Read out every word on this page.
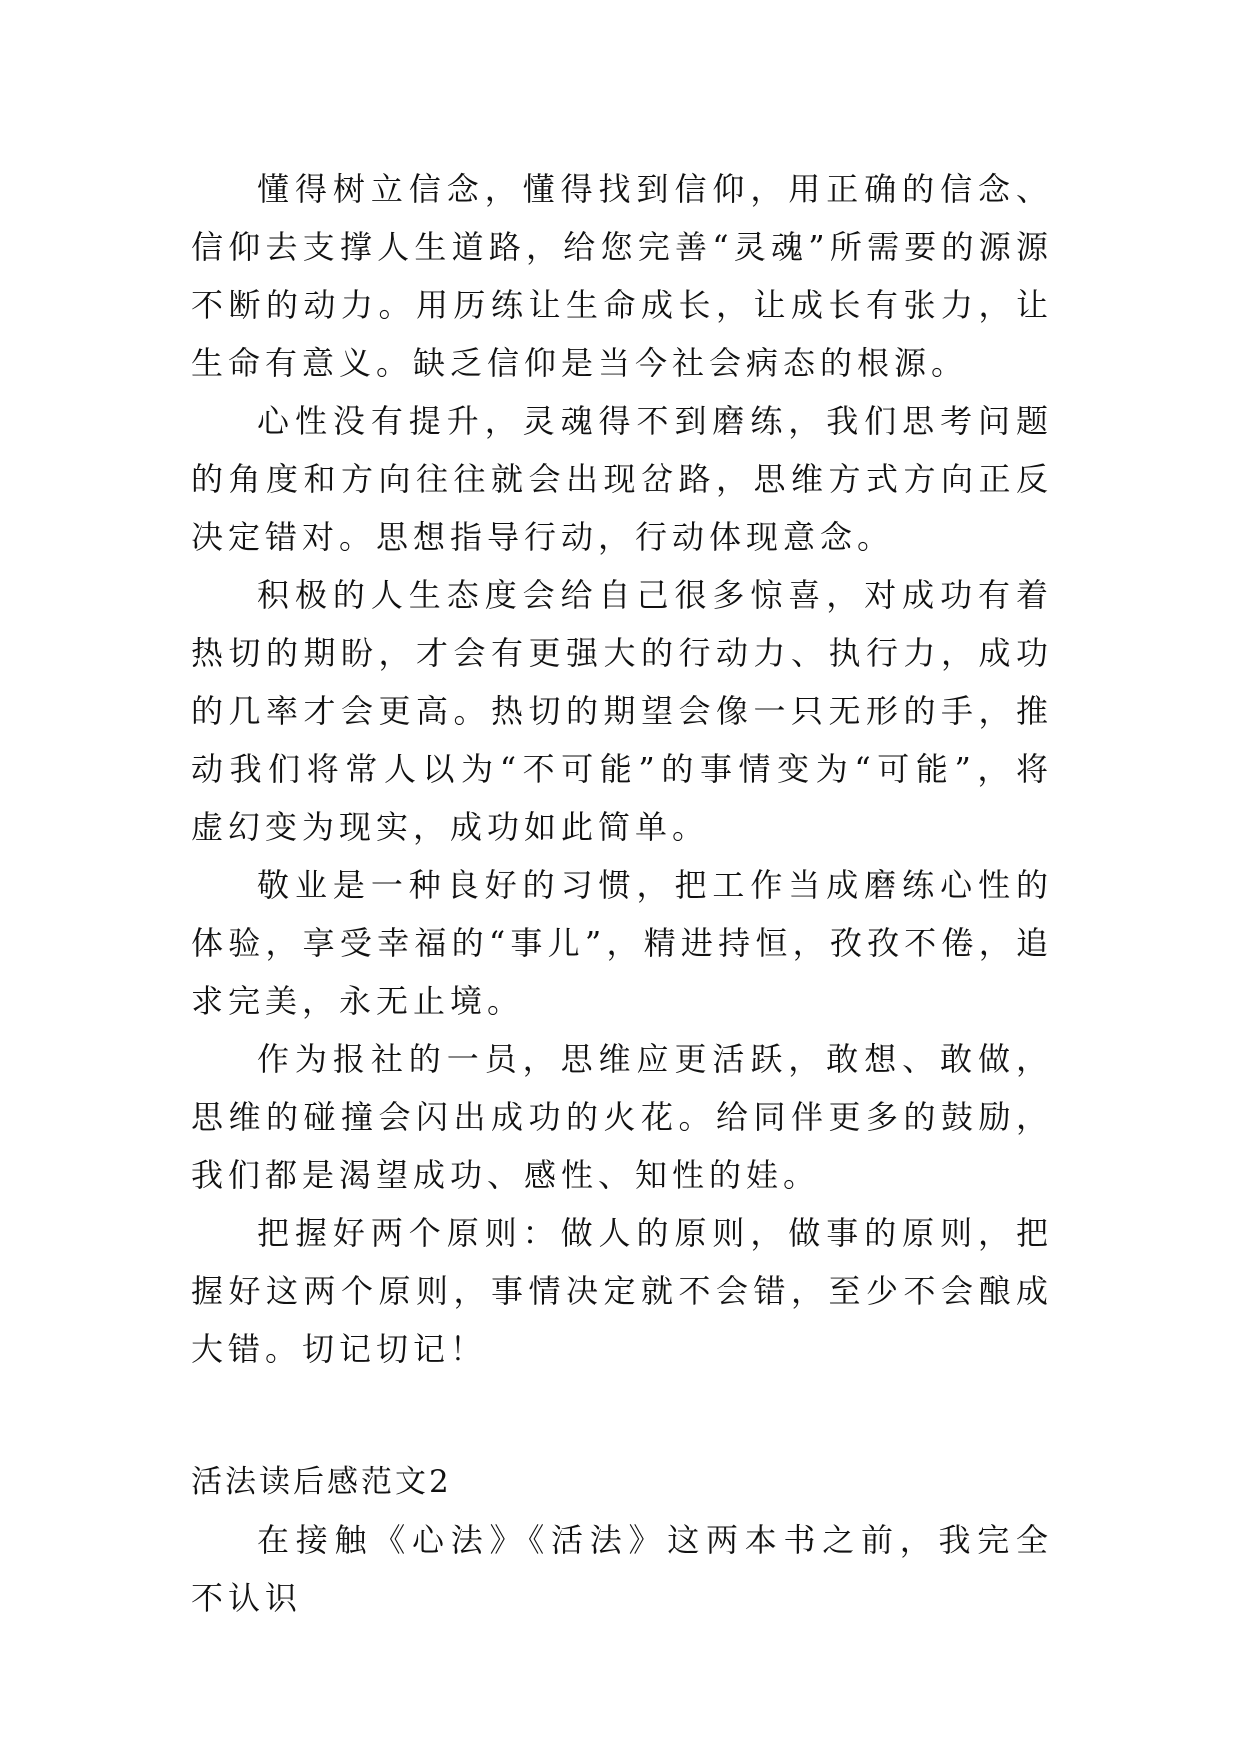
懂得树立信念，懂得找到信仰，用正确的信念、信仰去支撑人生道路，给您完善“灵魂”所需要的源源不断的动力。用历练让生命成长，让成长有张力，让生命有意义。缺乏信仰是当今社会病态的根源。

心性没有提升，灵魂得不到磨练，我们思考问题的角度和方向往往就会出现岔路，思维方式方向正反决定错对。思想指导行动，行动体现意念。

积极的人生态度会给自己很多惊喜，对成功有着热切的期盼，才会有更强大的行动力、执行力，成功的几率才会更高。热切的期望会像一只无形的手，推动我们将常人以为“不可能”的事情变为“可能”，将虚幻变为现实，成功如此简单。

敬业是一种良好的习惯，把工作当成磨练心性的体验，享受幸福的“事儿”，精进持恒，孜孜不倦，追求完美，永无止境。

作为报社的一员，思维应更活跃，敢想、敢做，思维的碰撞会闪出成功的火花。给同伴更多的鼓励，我们都是渴望成功、感性、知性的娃。

把握好两个原则：做人的原则，做事的原则，把握好这两个原则，事情决定就不会错，至少不会酿成大错。切记切记！

活法读后感范文2

在接触《心法》《活法》这两本书之前，我完全不认识
